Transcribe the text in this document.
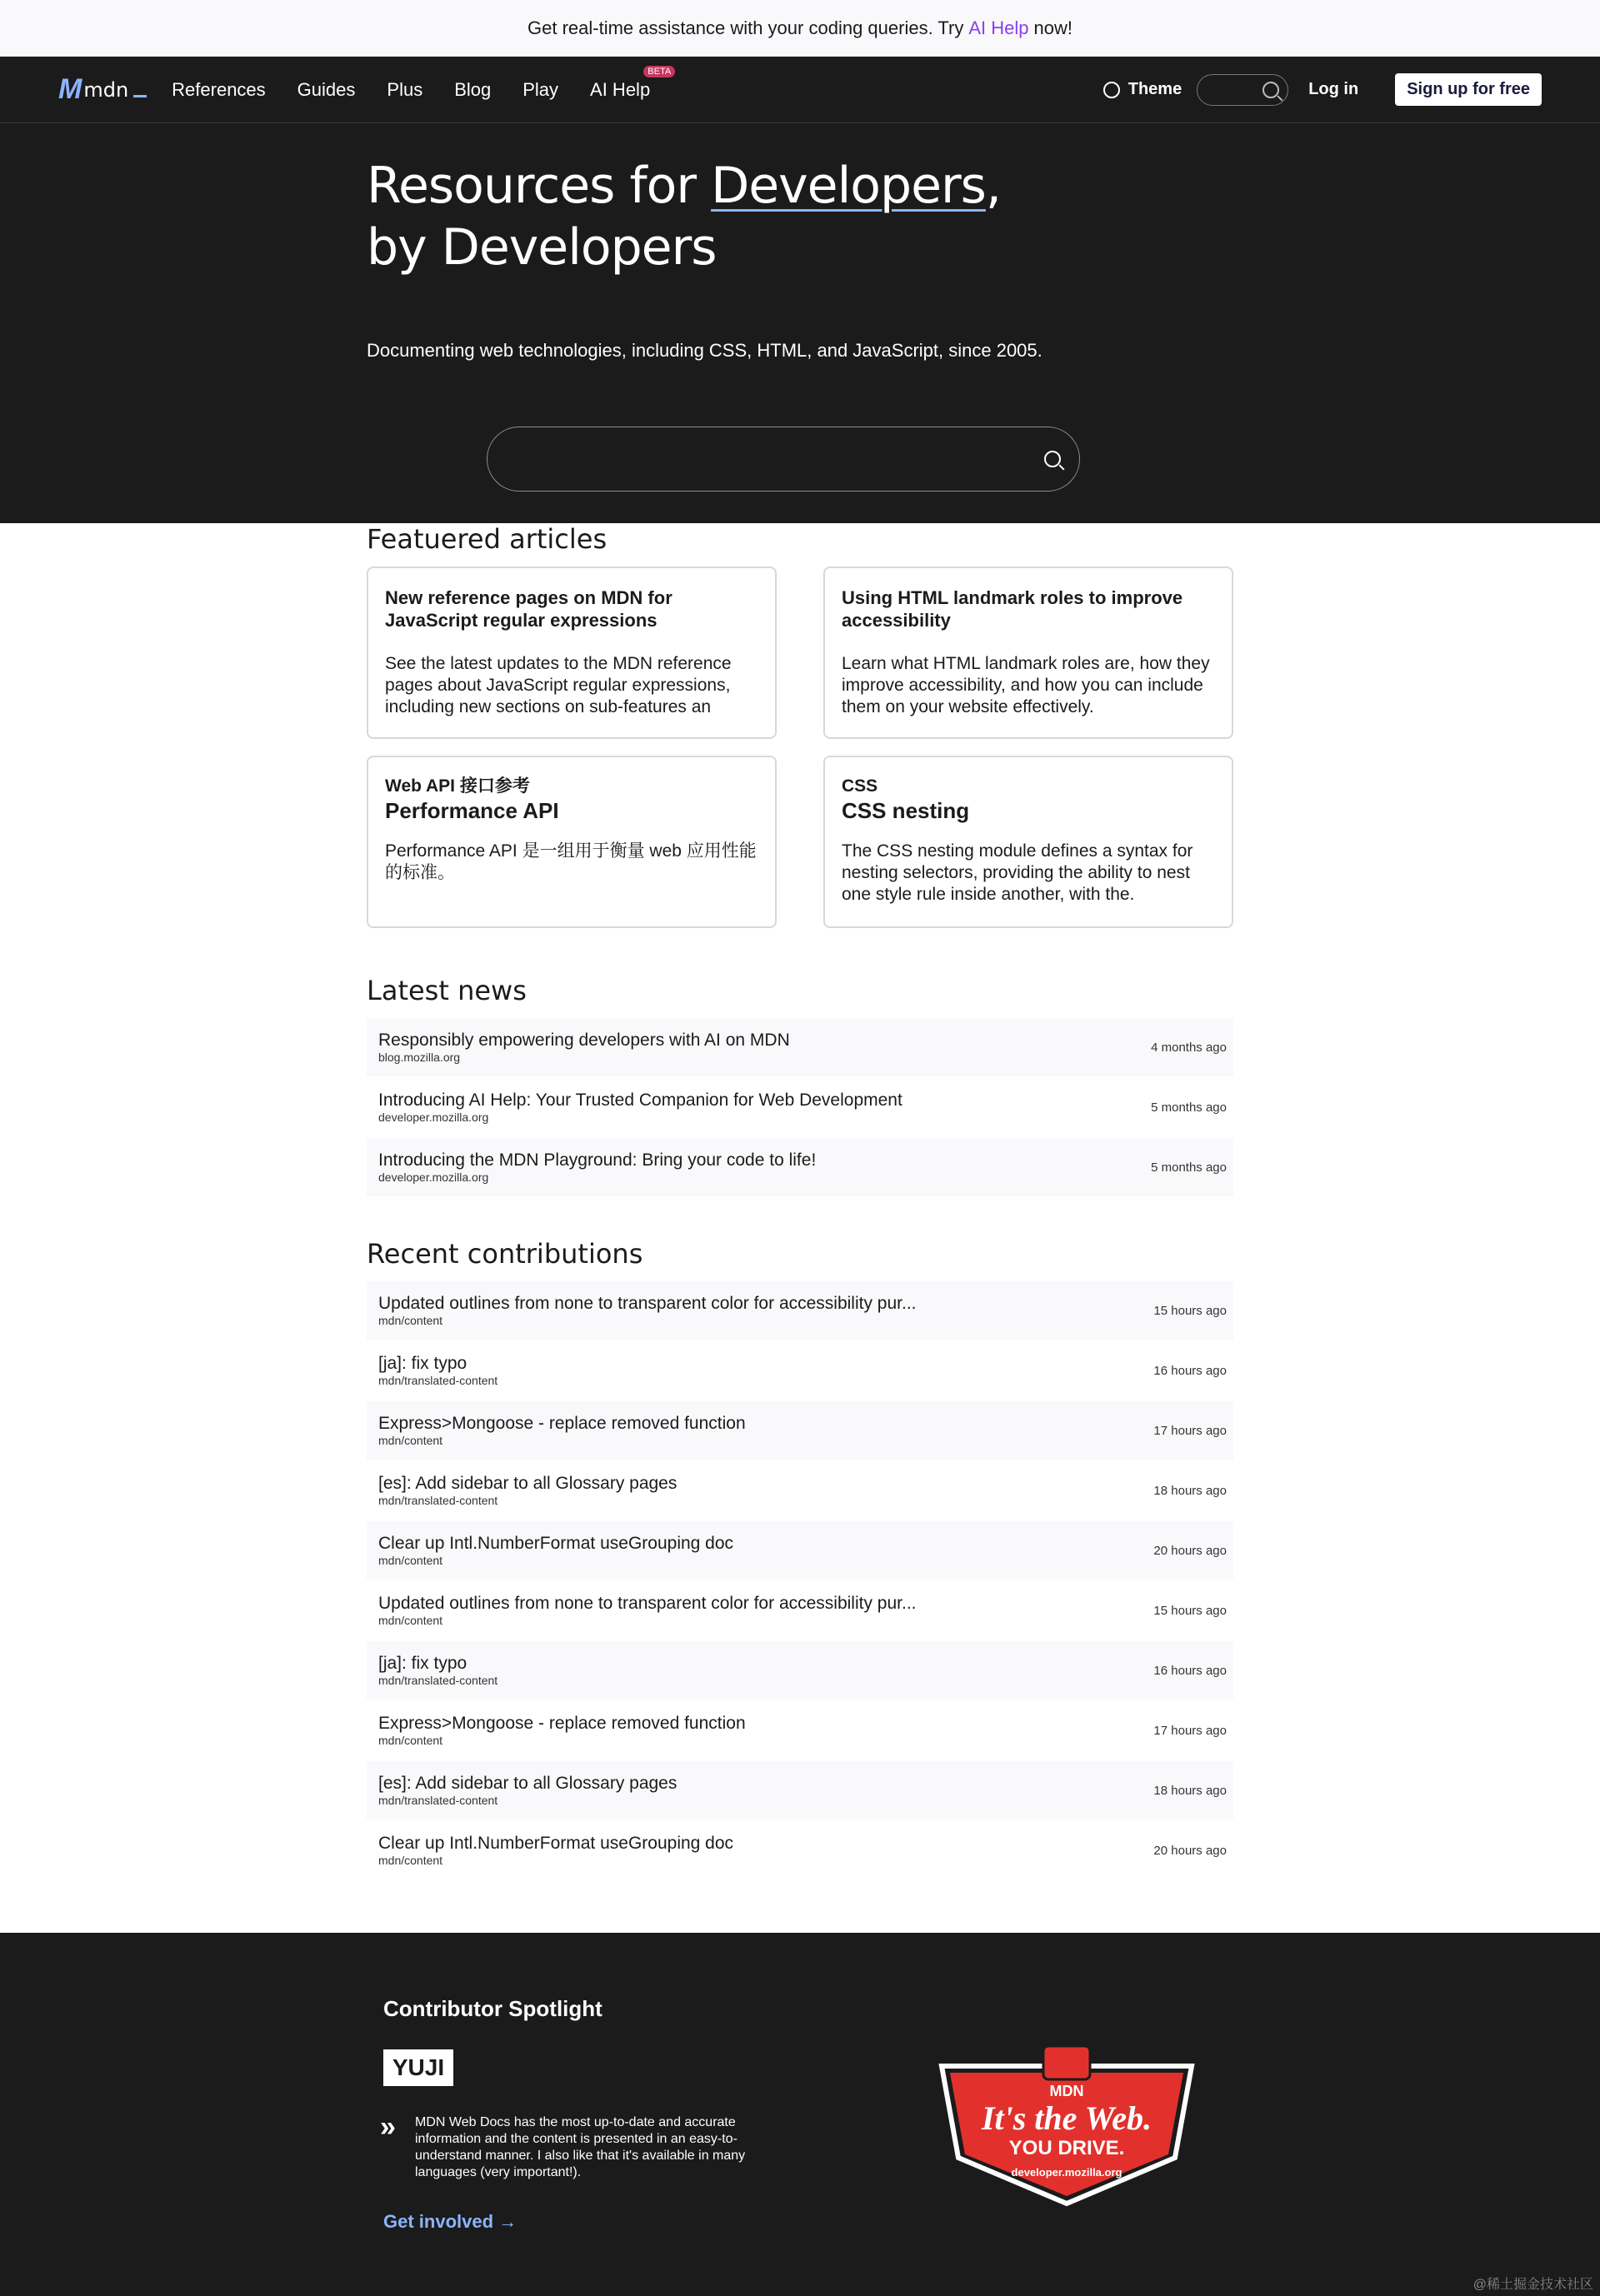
Get real-time assistance with your coding queries. Try AI Help now!
M mdn References Guides Plus Blog Play AI Help
BETA
Theme	Log in	Sign up for free
Resources for Developers, by Developers
Documenting web technologies, including CSS, HTML, and JavaScript, since 2005.
Featuered articles
New reference pages on MDN for JavaScript regular expressions
See the latest updates to the MDN reference pages about JavaScript regular expressions, including new sections on sub-features an
Using HTML landmark roles to improve accessibility
Learn what HTML landmark roles are, how they improve accessibility, and how you can include them on your website effectively.
Web API 接口参考
Performance API
Performance API 是一组用于衡量 web 应用性能的标准。
CSS
CSS nesting
The CSS nesting module defines a syntax for nesting selectors, providing the ability to nest one style rule inside another, with the.
Latest news
Responsibly empowering developers with AI on MDN
blog.mozilla.org
4 months ago
Introducing AI Help: Your Trusted Companion for Web Development
developer.mozilla.org
5 months ago
Introducing the MDN Playground: Bring your code to life!
developer.mozilla.org
5 months ago
Recent contributions
Updated outlines from none to transparent color for accessibility pur...
mdn/content
15 hours ago
[ja]: fix typo
mdn/translated-content
16 hours ago
Express>Mongoose - replace removed function
mdn/content
17 hours ago
[es]: Add sidebar to all Glossary pages
mdn/translated-content
18 hours ago
Clear up Intl.NumberFormat useGrouping doc
mdn/content
20 hours ago
Updated outlines from none to transparent color for accessibility pur...
mdn/content
15 hours ago
[ja]: fix typo
mdn/translated-content
16 hours ago
Express>Mongoose - replace removed function
mdn/content
17 hours ago
[es]: Add sidebar to all Glossary pages
mdn/translated-content
18 hours ago
Clear up Intl.NumberFormat useGrouping doc
mdn/content
20 hours ago
Contributor Spotlight
YUJI
» MDN Web Docs has the most up-to-date and accurate information and the content is presented in an easy-to-understand manner. I also like that it's available in many languages (very important!).
Get involved →
MDN
It's the Web.
YOU DRIVE.
developer.mozilla.org
@稀土掘金技术社区
